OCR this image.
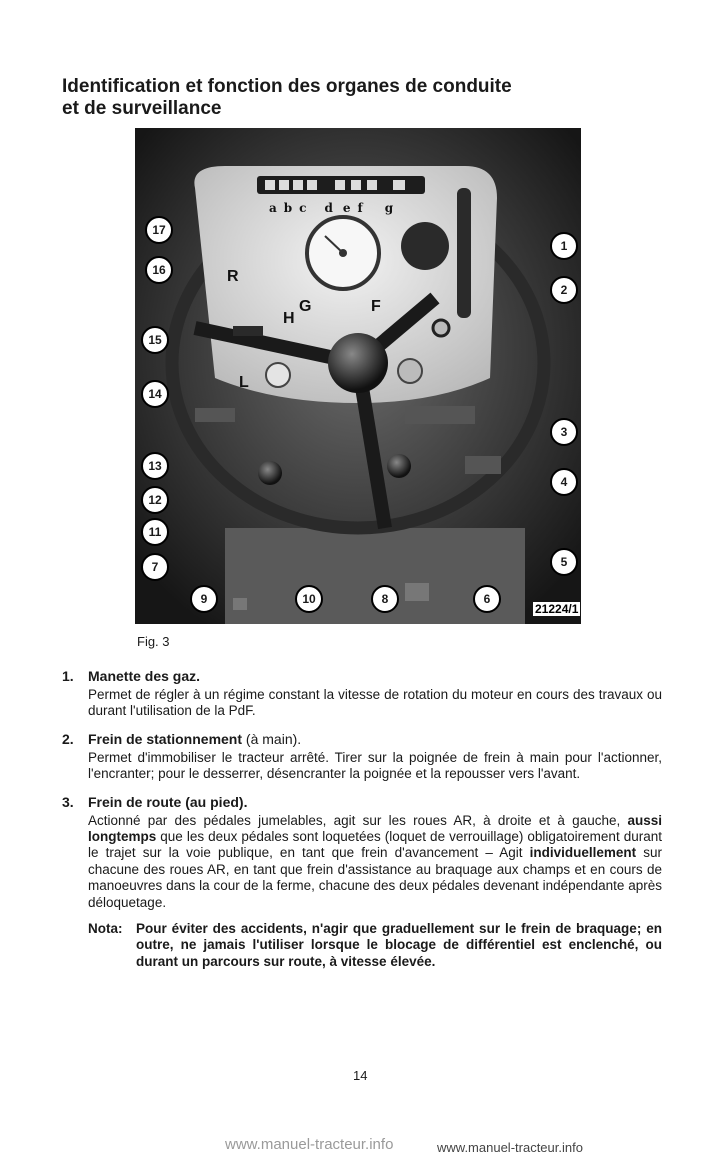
Identification et fonction des organes de conduite
et de surveillance
17
16
15
14
13
12
11
7
9	10	8	6
5
4
3
2
1
a b c d e f g
R
H
G	F
L
21224/1
Fig. 3
1. Manette des gaz.
Permet de régler à un régime constant la vitesse de rotation du moteur en cours des travaux ou durant l'utilisation de la PdF.
2. Frein de stationnement (à main).
Permet d'immobiliser le tracteur arrêté. Tirer sur la poignée de frein à main pour l'actionner, l'encranter; pour le desserrer, désencranter la poignée et la repousser vers l'avant.
3. Frein de route (au pied).
Actionné par des pédales jumelables, agit sur les roues AR, à droite et à gauche, aussi longtemps que les deux pédales sont loquetées (loquet de verrouillage) obligatoirement durant le trajet sur la voie publique, en tant que frein d'avancement – Agit individuellement sur chacune des roues AR, en tant que frein d'assistance au braquage aux champs et en cours de manoeuvres dans la cour de la ferme, chacune des deux pédales devenant indépendante après déloquetage.
Nota: Pour éviter des accidents, n'agir que graduellement sur le frein de braquage; en outre, ne jamais l'utiliser lorsque le blocage de différentiel est enclenché, ou durant un parcours sur route, à vitesse élevée.
14
www.manuel-tracteur.info	www.manuel-tracteur.info
